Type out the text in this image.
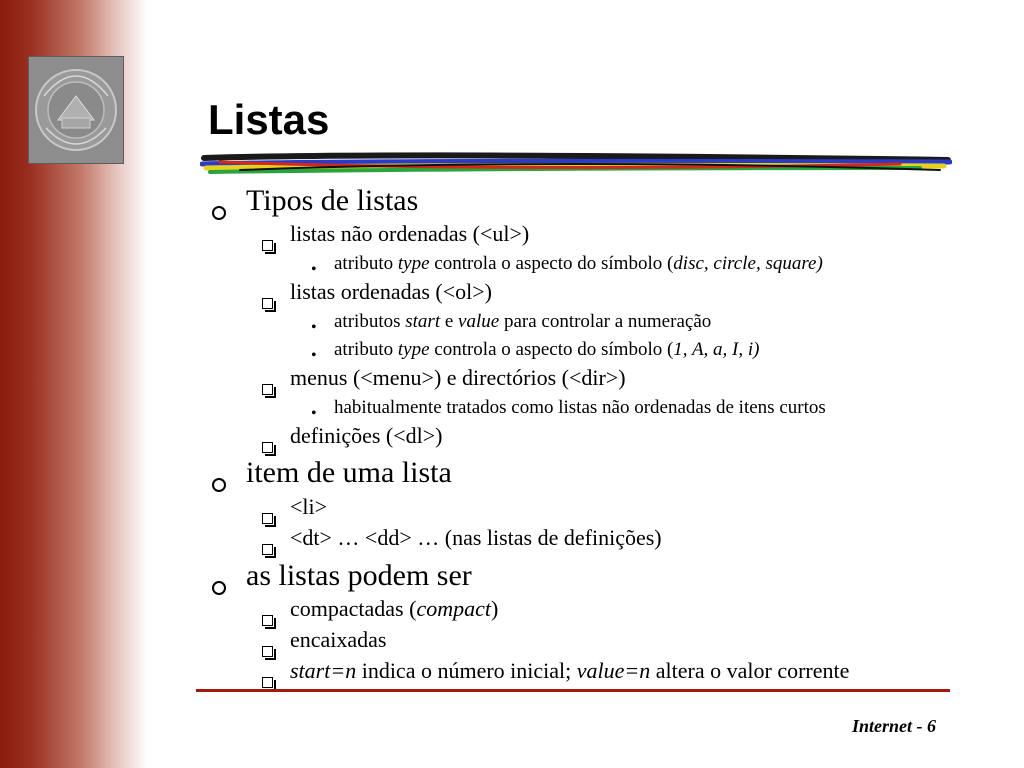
Listas
Tipos de listas
listas não ordenadas (<ul>)
• atributo type controla o aspecto do símbolo (disc, circle, square)
listas ordenadas (<ol>)
• atributos start e value para controlar a numeração
• atributo type controla o aspecto do símbolo (1, A, a, I, i)
menus (<menu>) e directórios (<dir>)
• habitualmente tratados como listas não ordenadas de itens curtos
definições (<dl>)
item de uma lista
<li>
<dt> … <dd> … (nas listas de definições)
as listas podem ser
compactadas (compact)
encaixadas
start=n indica o número inicial; value=n altera o valor corrente
Internet - 6
